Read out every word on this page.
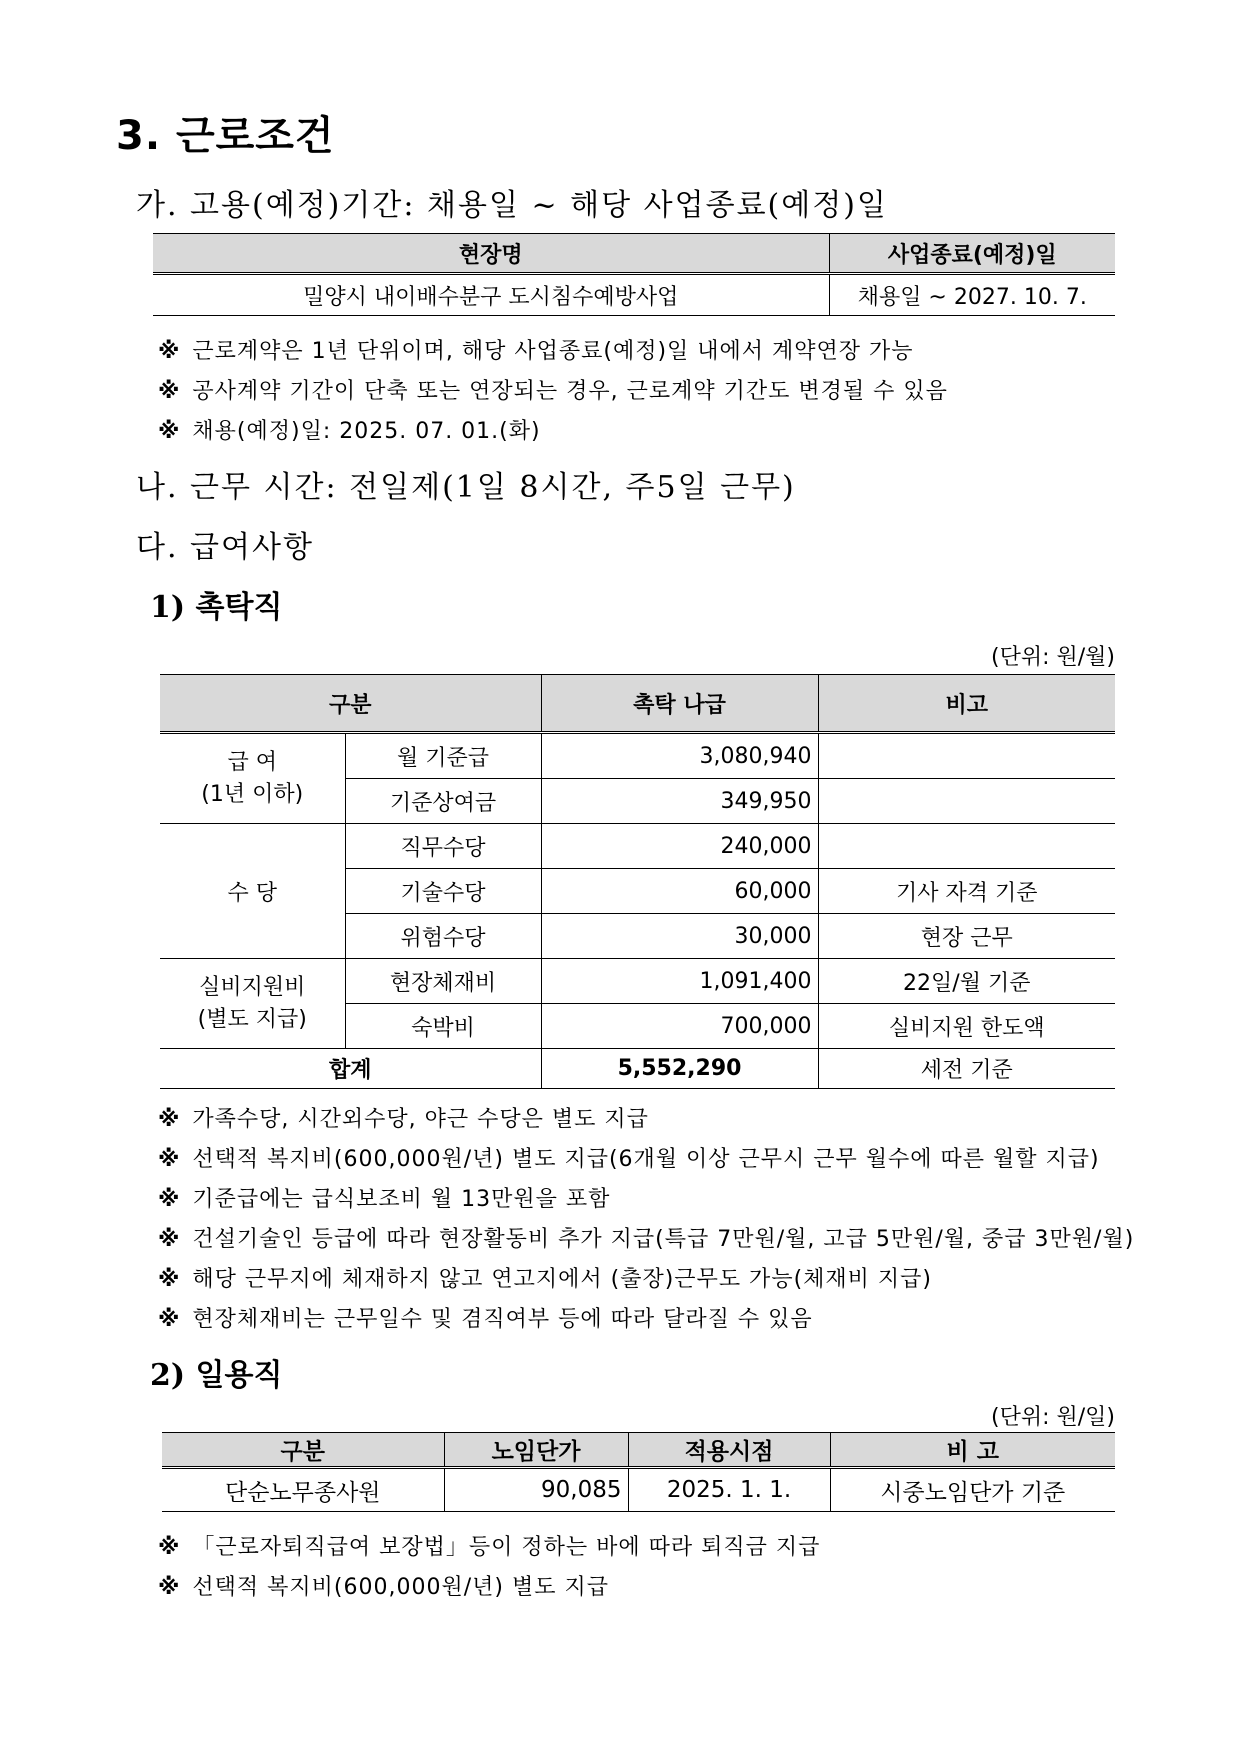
3. 근로조건
가. 고용(예정)기간: 채용일 ~ 해당 사업종료(예정)일
현장명	사업종료(예정)일
밀양시 내이배수분구 도시침수예방사업	채용일 ~ 2027. 10. 7.
※ 근로계약은 1년 단위이며, 해당 사업종료(예정)일 내에서 계약연장 가능
※ 공사계약 기간이 단축 또는 연장되는 경우, 근로계약 기간도 변경될 수 있음
※ 채용(예정)일: 2025. 07. 01.(화)
나. 근무 시간: 전일제(1일 8시간, 주5일 근무)
다. 급여사항
1) 촉탁직
(단위: 원/월)
구분		촉탁 나급	비고

급 여
(1년 이하)	월 기준급	3,080,940	
	기준상여금	349,950	

수 당	직무수당	240,000	
	기술수당	60,000	기사 자격 기준
	위험수당	30,000	현장 근무

실비지원비
(별도 지급)	현장체재비	1,091,400	22일/월 기준
	숙박비	700,000	실비지원 한도액
합계		5,552,290	세전 기준
※ 가족수당, 시간외수당, 야근 수당은 별도 지급
※ 선택적 복지비(600,000원/년) 별도 지급(6개월 이상 근무시 근무 월수에 따른 월할 지급)
※ 기준급에는 급식보조비 월 13만원을 포함
※ 건설기술인 등급에 따라 현장활동비 추가 지급(특급 7만원/월, 고급 5만원/월, 중급 3만원/월)
※ 해당 근무지에 체재하지 않고 연고지에서 (출장)근무도 가능(체재비 지급)
※ 현장체재비는 근무일수 및 겸직여부 등에 따라 달라질 수 있음
2) 일용직
(단위: 원/일)
구분	노임단가	적용시점	비 고
단순노무종사원	90,085	2025. 1. 1.	시중노임단가 기준
※ 「근로자퇴직급여 보장법」등이 정하는 바에 따라 퇴직금 지급
※ 선택적 복지비(600,000원/년) 별도 지급
